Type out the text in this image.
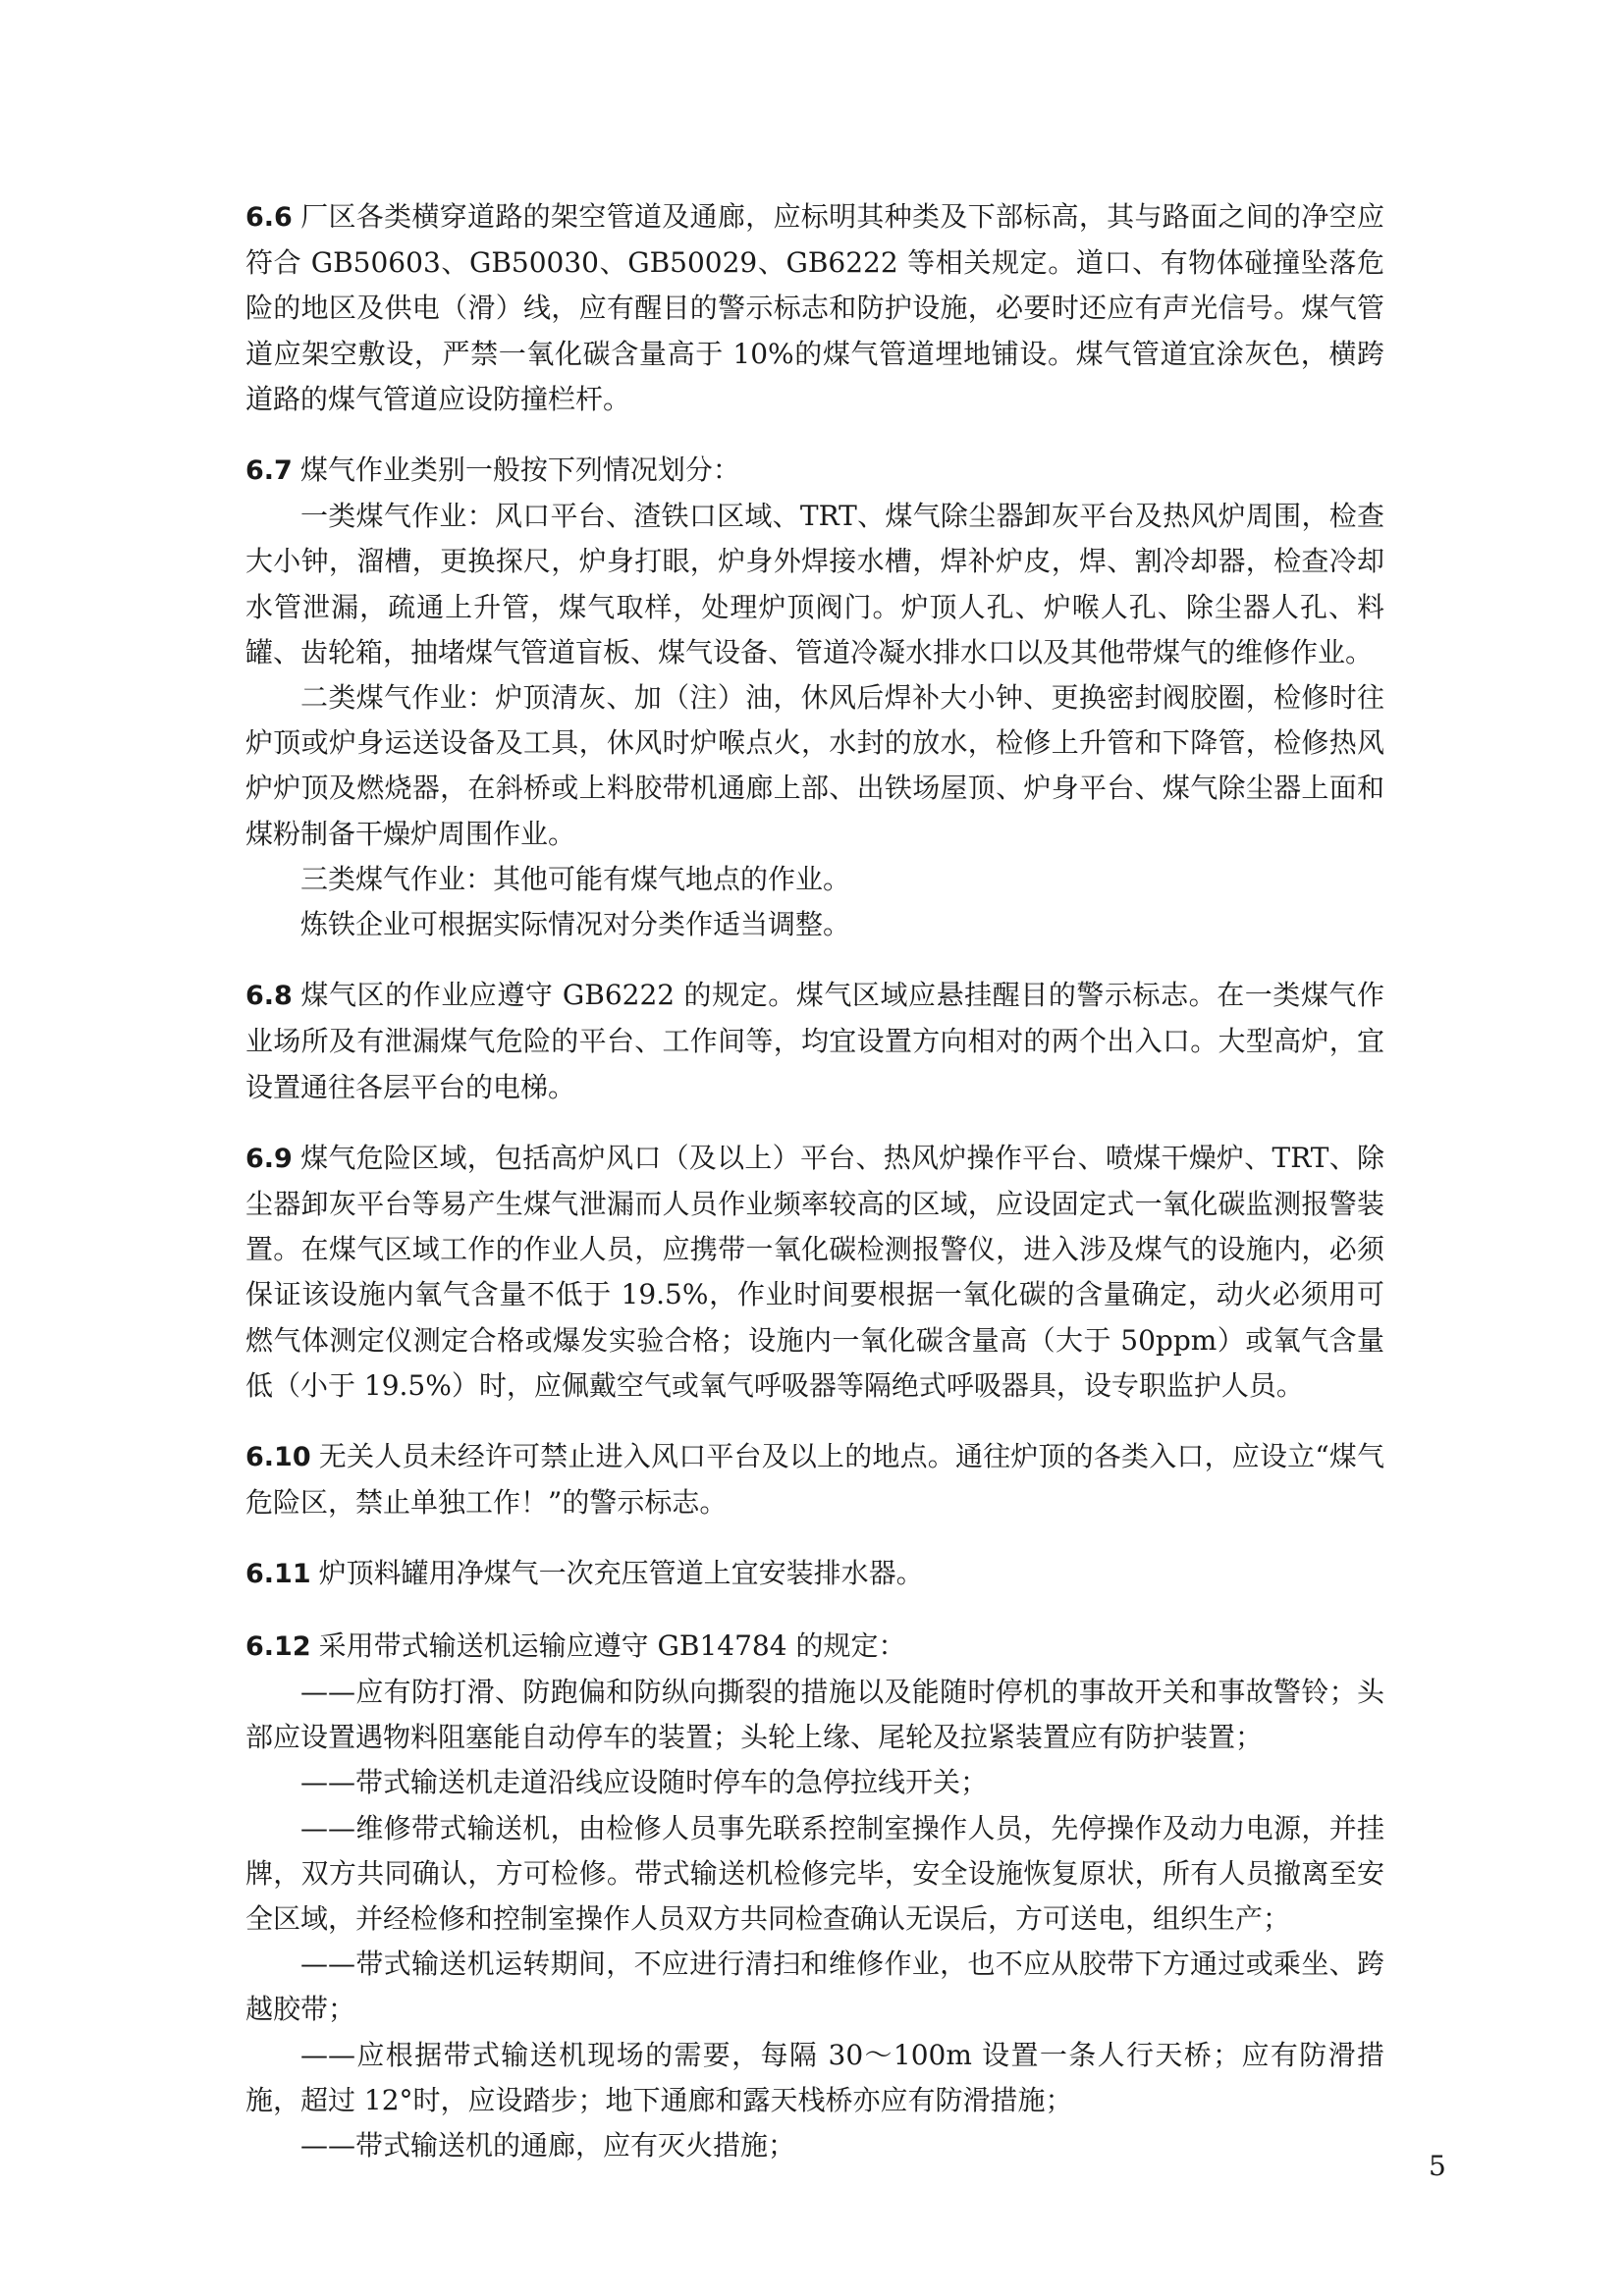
6.6 厂区各类横穿道路的架空管道及通廊，应标明其种类及下部标高，其与路面之间的净空应符合 GB50603、GB50030、GB50029、GB6222 等相关规定。道口、有物体碰撞坠落危险的地区及供电（滑）线，应有醒目的警示标志和防护设施，必要时还应有声光信号。煤气管道应架空敷设，严禁一氧化碳含量高于 10%的煤气管道埋地铺设。煤气管道宜涂灰色，横跨道路的煤气管道应设防撞栏杆。

6.7 煤气作业类别一般按下列情况划分：

一类煤气作业：风口平台、渣铁口区域、TRT、煤气除尘器卸灰平台及热风炉周围，检查大小钟，溜槽，更换探尺，炉身打眼，炉身外焊接水槽，焊补炉皮，焊、割冷却器，检查冷却水管泄漏，疏通上升管，煤气取样，处理炉顶阀门。炉顶人孔、炉喉人孔、除尘器人孔、料罐、齿轮箱，抽堵煤气管道盲板、煤气设备、管道冷凝水排水口以及其他带煤气的维修作业。

二类煤气作业：炉顶清灰、加（注）油，休风后焊补大小钟、更换密封阀胶圈，检修时往炉顶或炉身运送设备及工具，休风时炉喉点火，水封的放水，检修上升管和下降管，检修热风炉炉顶及燃烧器，在斜桥或上料胶带机通廊上部、出铁场屋顶、炉身平台、煤气除尘器上面和煤粉制备干燥炉周围作业。

三类煤气作业：其他可能有煤气地点的作业。

炼铁企业可根据实际情况对分类作适当调整。

6.8 煤气区的作业应遵守 GB6222 的规定。煤气区域应悬挂醒目的警示标志。在一类煤气作业场所及有泄漏煤气危险的平台、工作间等，均宜设置方向相对的两个出入口。大型高炉，宜设置通往各层平台的电梯。

6.9 煤气危险区域，包括高炉风口（及以上）平台、热风炉操作平台、喷煤干燥炉、TRT、除尘器卸灰平台等易产生煤气泄漏而人员作业频率较高的区域，应设固定式一氧化碳监测报警装置。在煤气区域工作的作业人员，应携带一氧化碳检测报警仪，进入涉及煤气的设施内，必须保证该设施内氧气含量不低于 19.5%，作业时间要根据一氧化碳的含量确定，动火必须用可燃气体测定仪测定合格或爆发实验合格；设施内一氧化碳含量高（大于 50ppm）或氧气含量低（小于 19.5%）时，应佩戴空气或氧气呼吸器等隔绝式呼吸器具，设专职监护人员。

6.10 无关人员未经许可禁止进入风口平台及以上的地点。通往炉顶的各类入口，应设立“煤气危险区，禁止单独工作！”的警示标志。

6.11 炉顶料罐用净煤气一次充压管道上宜安装排水器。

6.12 采用带式输送机运输应遵守 GB14784 的规定：

——应有防打滑、防跑偏和防纵向撕裂的措施以及能随时停机的事故开关和事故警铃；头部应设置遇物料阻塞能自动停车的装置；头轮上缘、尾轮及拉紧装置应有防护装置；

——带式输送机走道沿线应设随时停车的急停拉线开关；

——维修带式输送机，由检修人员事先联系控制室操作人员，先停操作及动力电源，并挂牌，双方共同确认，方可检修。带式输送机检修完毕，安全设施恢复原状，所有人员撤离至安全区域，并经检修和控制室操作人员双方共同检查确认无误后，方可送电，组织生产；

——带式输送机运转期间，不应进行清扫和维修作业，也不应从胶带下方通过或乘坐、跨越胶带；

——应根据带式输送机现场的需要，每隔 30～100m 设置一条人行天桥；应有防滑措施，超过 12°时，应设踏步；地下通廊和露天栈桥亦应有防滑措施；

——带式输送机的通廊，应有灭火措施；

5
